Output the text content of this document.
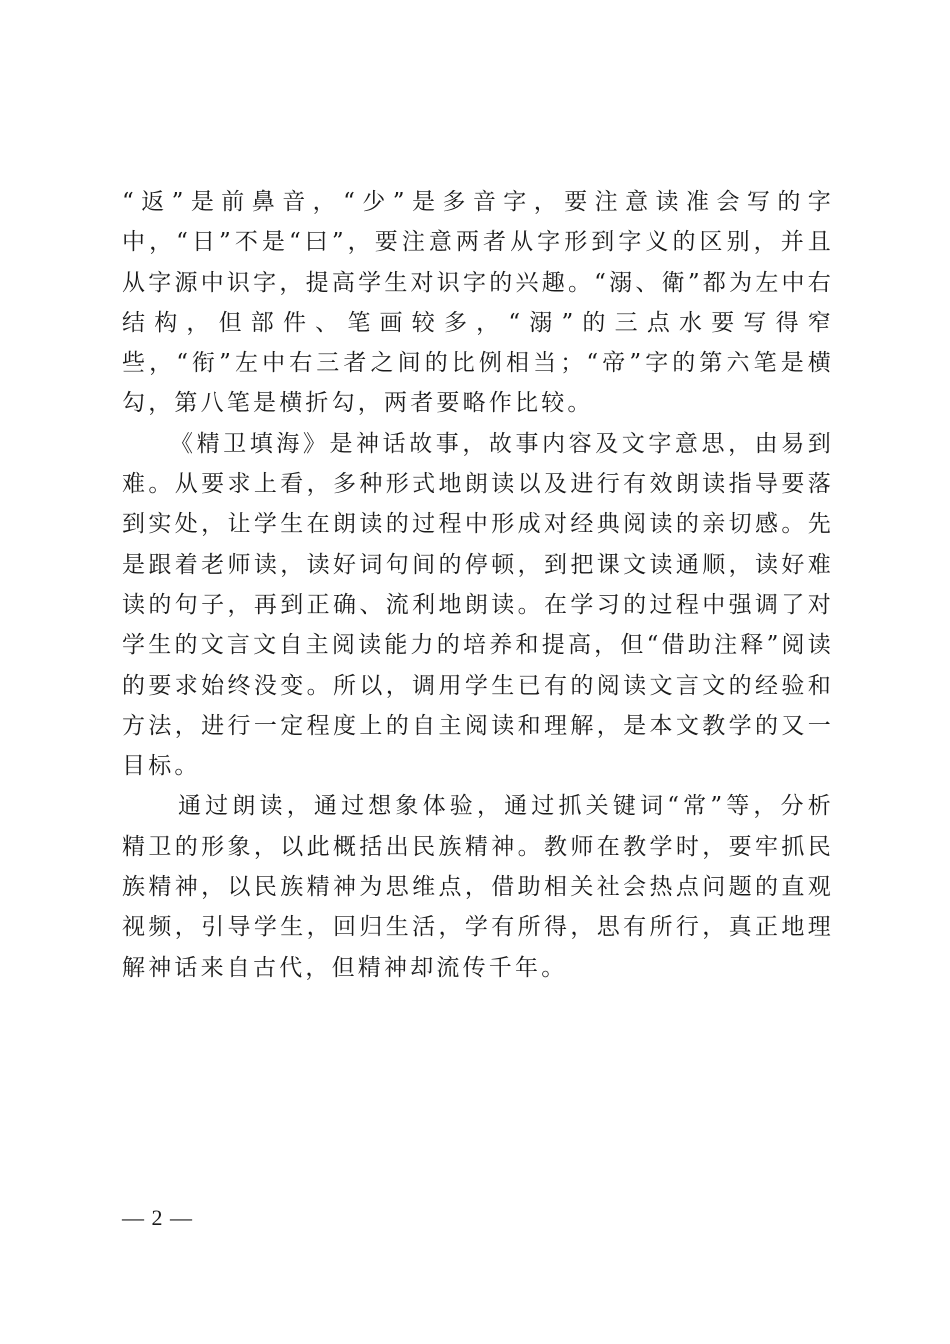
“返”是前鼻音，“少”是多音字，要注意读准会写的字中，“日”不是“曰”，要注意两者从字形到字义的区别，并且从字源中识字，提高学生对识字的兴趣。“溺、衛”都为左中右结构，但部件、笔画较多，“溺”的三点水要写得窄些，“衔”左中右三者之间的比例相当；“帝”字的第六笔是横勾，第八笔是横折勾，两者要略作比较。

《精卫填海》是神话故事，故事内容及文字意思，由易到难。从要求上看，多种形式地朗读以及进行有效朗读指导要落到实处，让学生在朗读的过程中形成对经典阅读的亲切感。先是跟着老师读，读好词句间的停顿，到把课文读通顺，读好难读的句子，再到正确、流利地朗读。在学习的过程中强调了对学生的文言文自主阅读能力的培养和提高，但“借助注释”阅读的要求始终没变。所以，调用学生已有的阅读文言文的经验和方法，进行一定程度上的自主阅读和理解，是本文教学的又一目标。

通过朗读，通过想象体验，通过抓关键词“常”等，分析精卫的形象，以此概括出民族精神。教师在教学时，要牢抓民族精神，以民族精神为思维点，借助相关社会热点问题的直观视频，引导学生，回归生活，学有所得，思有所行，真正地理解神话来自古代，但精神却流传千年。

— 2 —
